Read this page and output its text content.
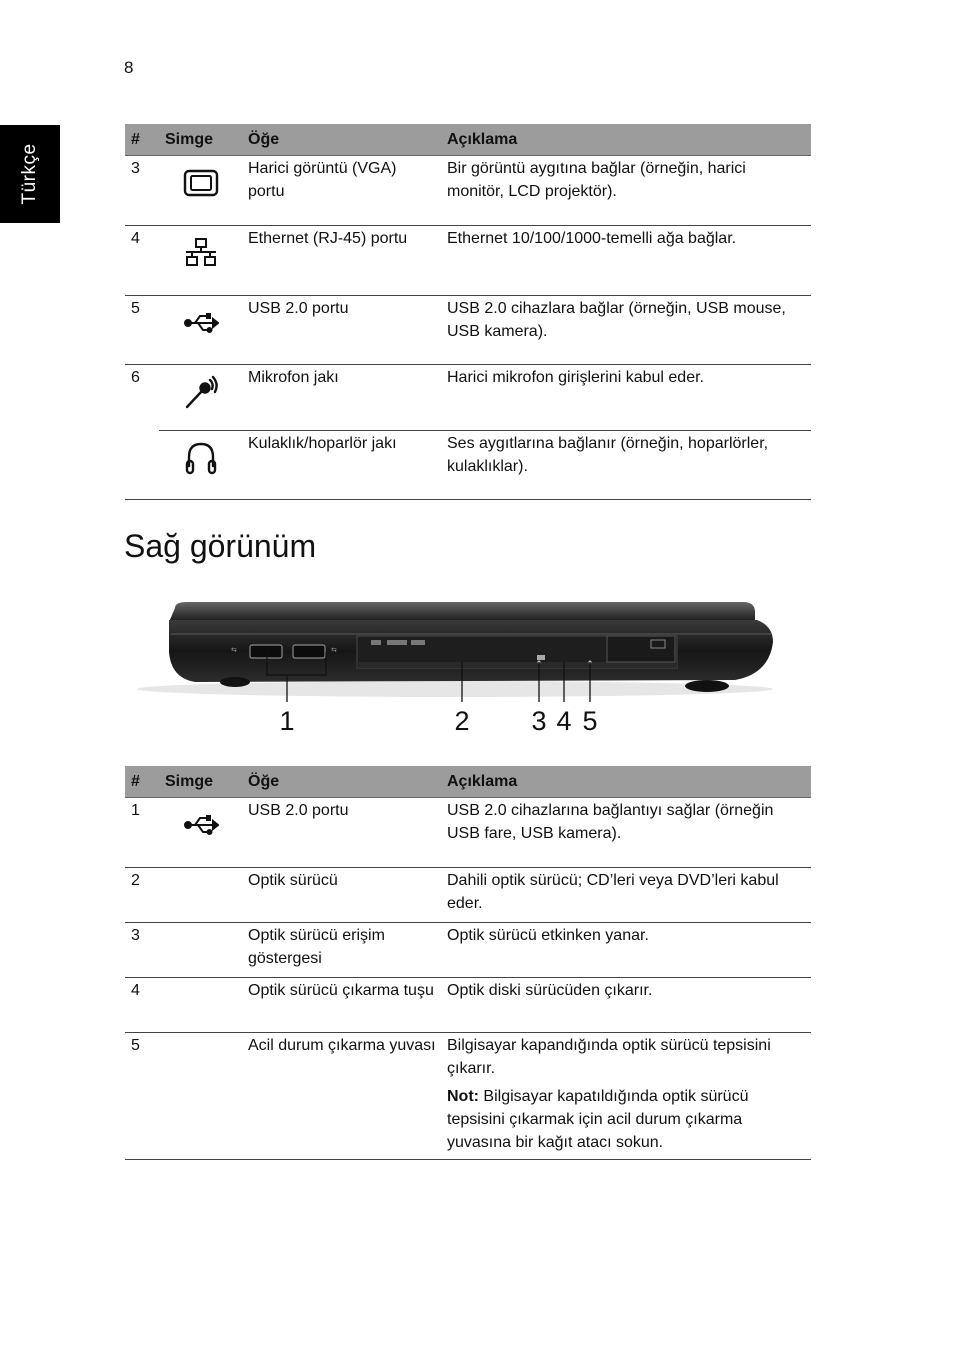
8
Türkçe
#	Simge	Öğe	Açıklama
3		Harici görüntü (VGA) portu	Bir görüntü aygıtına bağlar (örneğin, harici monitör, LCD projektör).
4		Ethernet (RJ-45) portu	Ethernet 10/100/1000-temelli ağa bağlar.
5		USB 2.0 portu	USB 2.0 cihazlara bağlar (örneğin, USB mouse, USB kamera).
6		Mikrofon jakı	Harici mikrofon girişlerini kabul eder.

	Kulaklık/hoparlör jakı	Ses aygıtlarına bağlanır (örneğin, hoparlörler, kulaklıklar).
Sağ görünüm
⇆	⇆
1	2 3 4 5
#	Simge	Öğe	Açıklama
1		USB 2.0 portu	USB 2.0 cihazlarına bağlantıyı sağlar (örneğin USB fare, USB kamera).
2		Optik sürücü	Dahili optik sürücü; CD’leri veya DVD’leri kabul eder.
3		Optik sürücü erişim göstergesi	Optik sürücü etkinken yanar.
4		Optik sürücü çıkarma tuşu	Optik diski sürücüden çıkarır.
5		Acil durum çıkarma yuvası	Bilgisayar kapandığında optik sürücü tepsisini çıkarır.

Not: Bilgisayar kapatıldığında optik sürücü tepsisini çıkarmak için acil durum çıkarma yuvasına bir kağıt atacı sokun.
